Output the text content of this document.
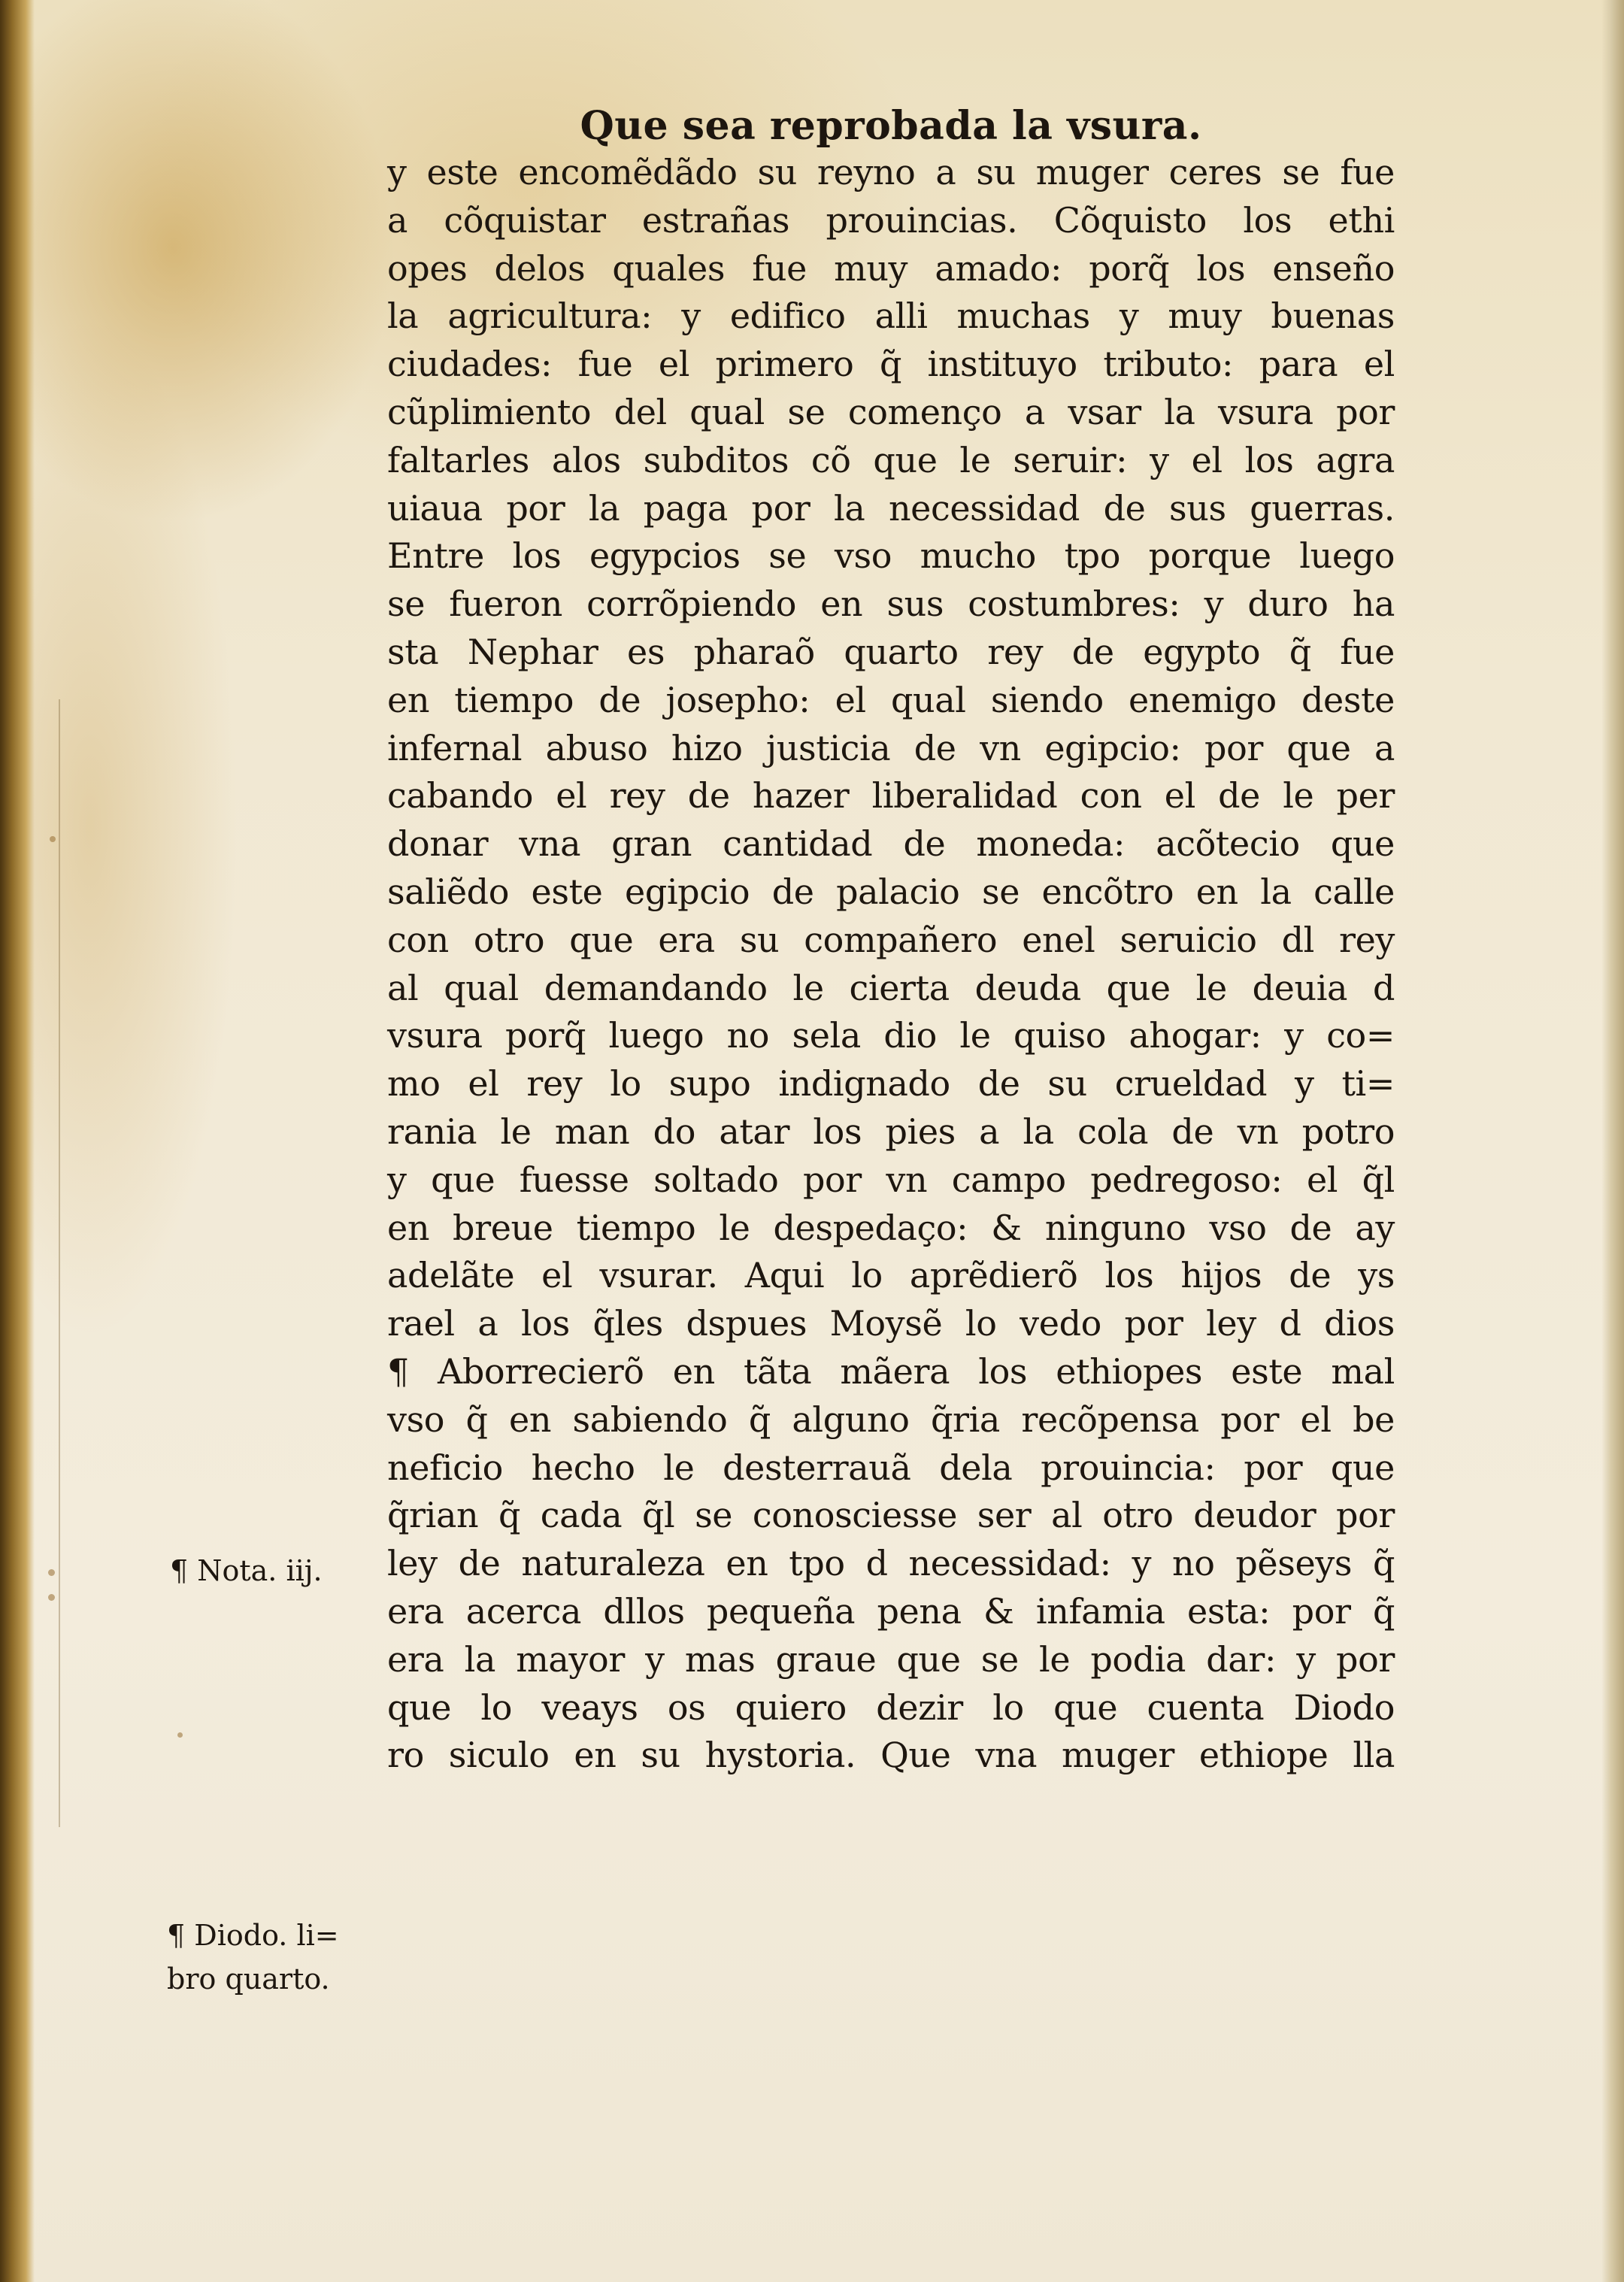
Que sea reprobada la vsura.
y este encomẽdãdo su reyno a su muger ceres se fue
a cõquistar estrañas prouincias. Cõquisto los ethi
opes delos quales fue muy amado: porq̃ los enseño
la agricultura: y edifico alli muchas y muy buenas
ciudades: fue el primero q̃ instituyo tributo: para el
cũplimiento del qual se començo a vsar la vsura por
faltarles alos subditos cõ que le seruir: y el los agra
uiaua por la paga por la necessidad de sus guerras.
Entre los egypcios se vso mucho tpo porque luego
se fueron corrõpiendo en sus costumbres: y duro ha
sta Nephar es pharaõ quarto rey de egypto q̃ fue
en tiempo de josepho: el qual siendo enemigo deste
infernal abuso hizo justicia de vn egipcio: por que a
cabando el rey de hazer liberalidad con el de le per
donar vna gran cantidad de moneda: acõtecio que
saliẽdo este egipcio de palacio se encõtro en la calle
con otro que era su compañero enel seruicio dl rey
al qual demandando le cierta deuda que le deuia d
vsura porq̃ luego no sela dio le quiso ahogar: y co=
mo el rey lo supo indignado de su crueldad y ti=
rania le man do atar los pies a la cola de vn potro
y que fuesse soltado por vn campo pedregoso: el q̃l
en breue tiempo le despedaço: & ninguno vso de ay
adelãte el vsurar. Aqui lo aprẽdierõ los hijos de ys
rael a los q̃les dspues Moysẽ lo vedo por ley d dios
¶ Aborrecierõ en tãta mãera los ethiopes este mal
vso q̃ en sabiendo q̃ alguno q̃ria recõpensa por el be
neficio hecho le desterrauã dela prouincia: por que
q̃rian q̃ cada q̃l se conosciesse ser al otro deudor por
ley de naturaleza en tpo d necessidad: y no pẽseys q̃
era acerca dllos pequeña pena & infamia esta: por q̃
era la mayor y mas graue que se le podia dar: y por
que lo veays os quiero dezir lo que cuenta Diodo
ro siculo en su hystoria. Que vna muger ethiope lla
¶ Nota. iij.
¶ Diodo. li=
bro quarto.
